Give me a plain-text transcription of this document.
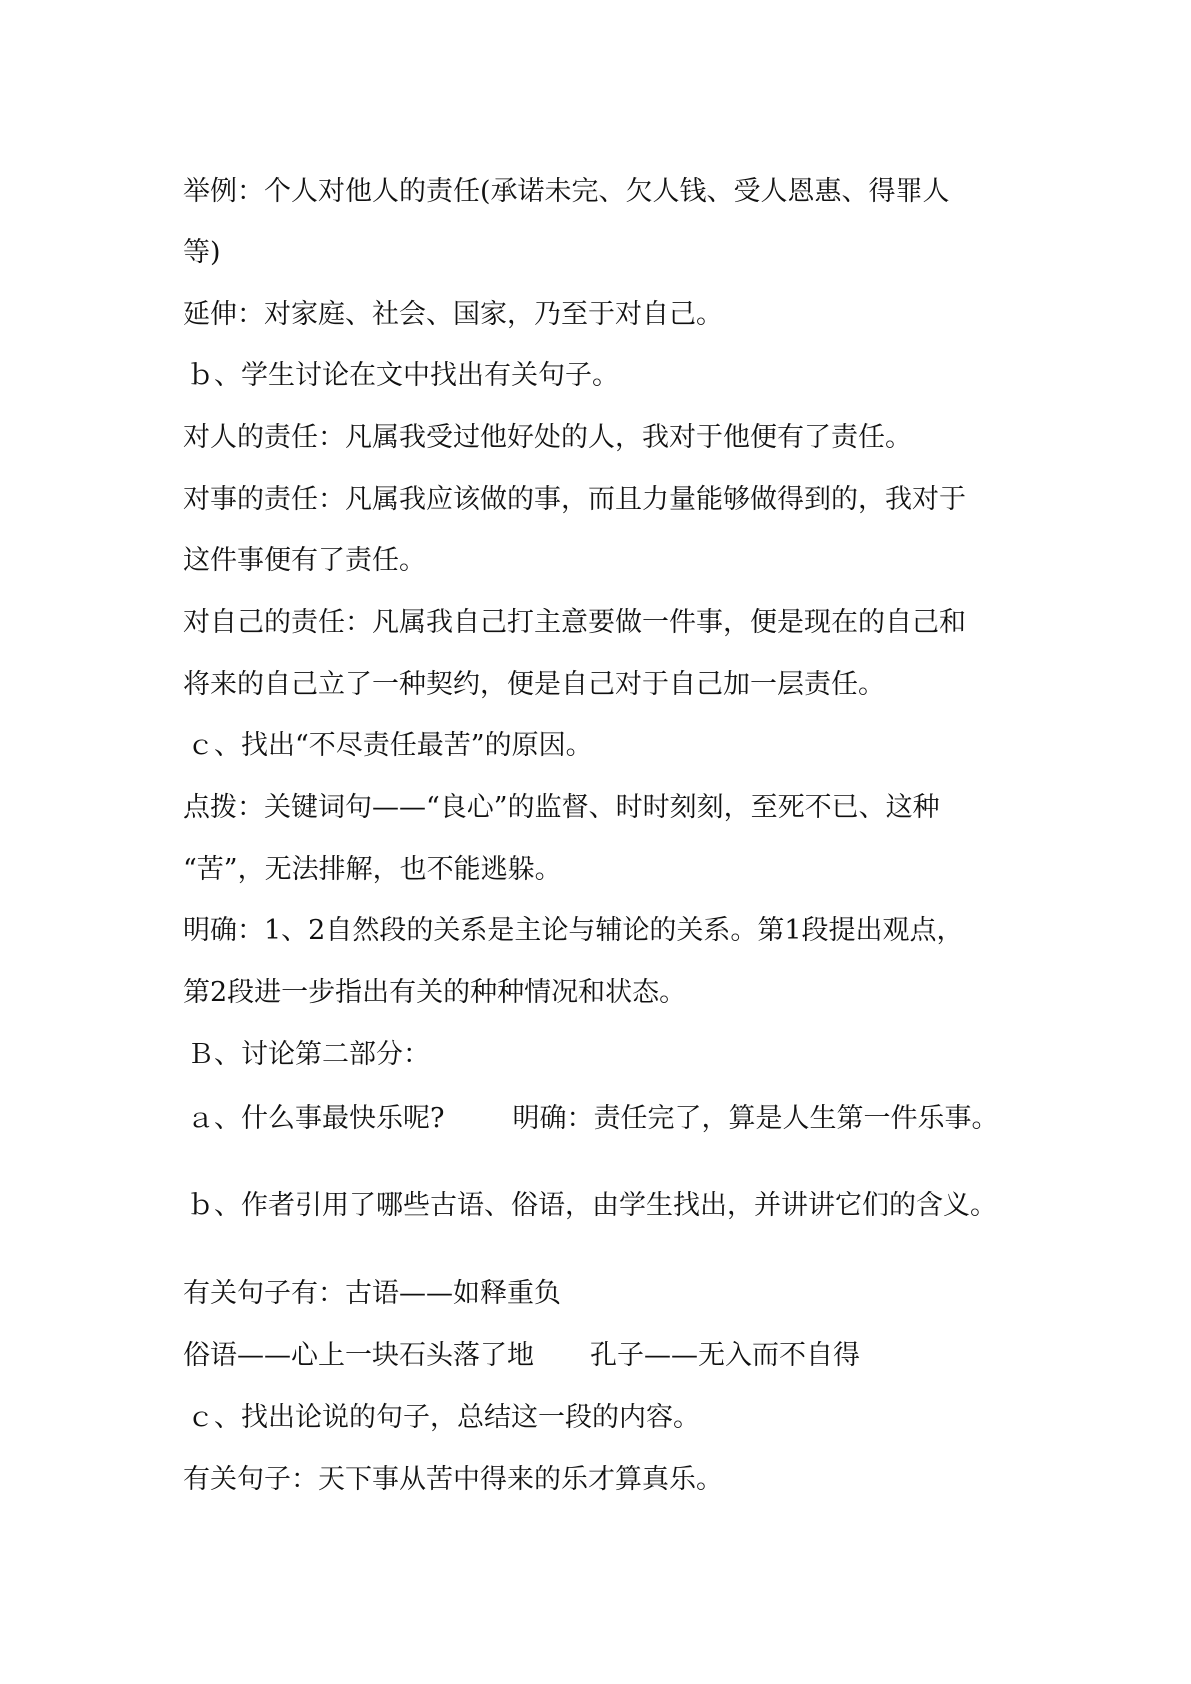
举例：个人对他人的责任(承诺未完、欠人钱、受人恩惠、得罪人
等)
延伸：对家庭、社会、国家，乃至于对自己。
ｂ、学生讨论在文中找出有关句子。
对人的责任：凡属我受过他好处的人，我对于他便有了责任。
对事的责任：凡属我应该做的事，而且力量能够做得到的，我对于
这件事便有了责任。
对自己的责任：凡属我自己打主意要做一件事，便是现在的自己和
将来的自己立了一种契约，便是自己对于自己加一层责任。
ｃ、找出“不尽责任最苦”的原因。
点拨：关键词句——“良心”的监督、时时刻刻，至死不已、这种
“苦”，无法排解，也不能逃躲。
明确：1、2自然段的关系是主论与辅论的关系。第1段提出观点，
第2段进一步指出有关的种种情况和状态。
Ｂ、讨论第二部分：
ａ、什么事最快乐呢?	明确：责任完了，算是人生第一件乐事。
ｂ、作者引用了哪些古语、俗语，由学生找出，并讲讲它们的含义。
有关句子有：古语——如释重负
俗语——心上一块石头落了地 孔子——无入而不自得
ｃ、找出论说的句子，总结这一段的内容。
有关句子：天下事从苦中得来的乐才算真乐。
